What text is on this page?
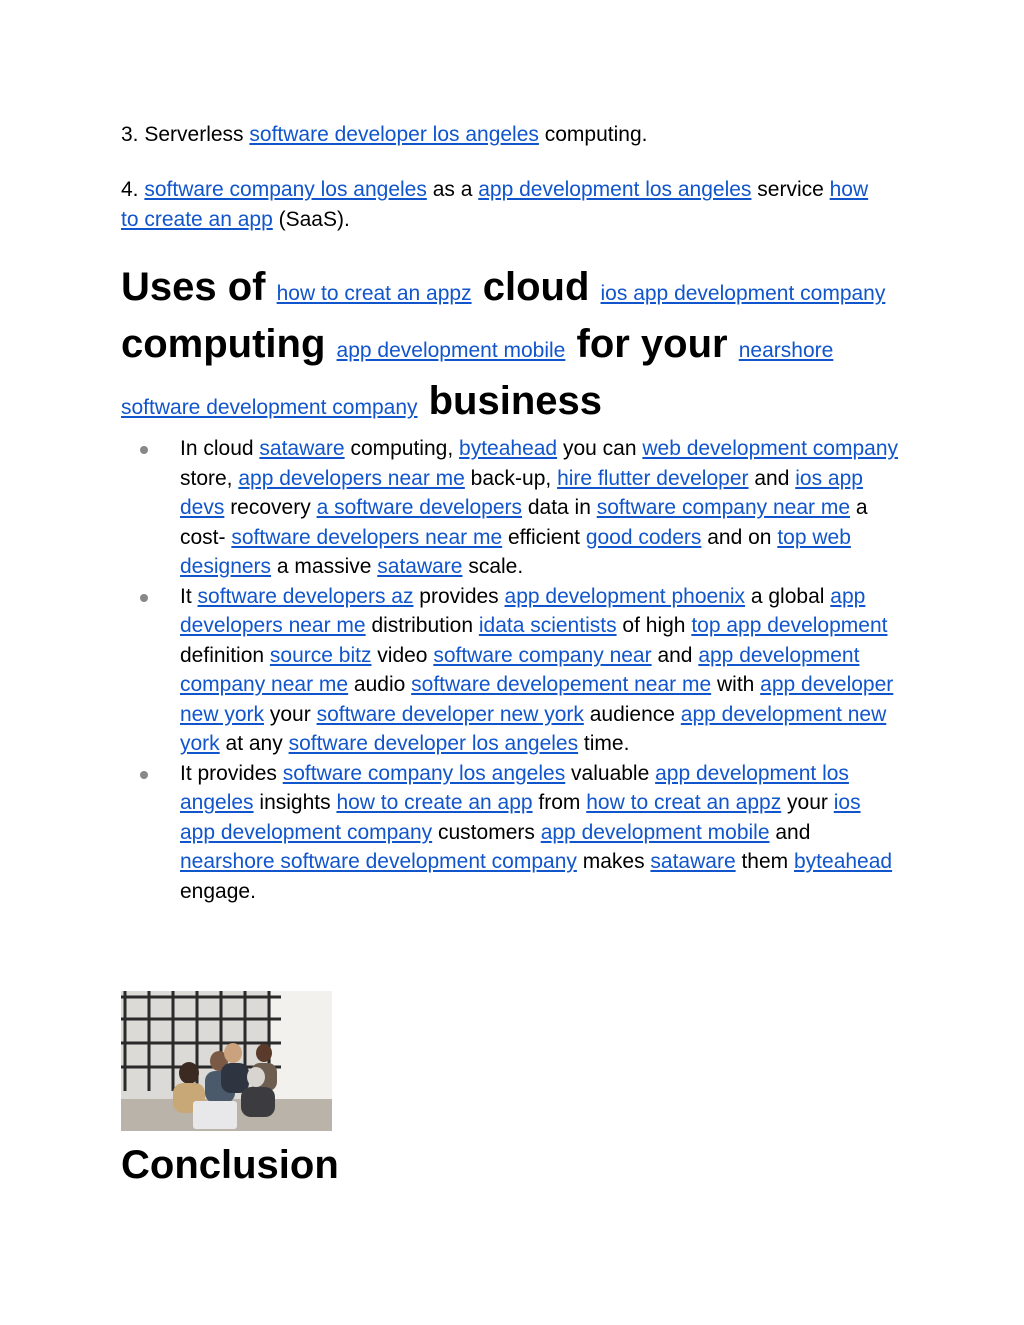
3. Serverless software developer los angeles computing.

4. software company los angeles as a app development los angeles service how to create an app (SaaS).

Uses of how to creat an appz cloud ios app development company computing app development mobile for your nearshore software development company business
In cloud sataware computing, byteahead you can web development company store, app developers near me back-up, hire flutter developer and ios app devs recovery a software developers data in software company near me a cost- software developers near me efficient good coders and on top web designers a massive sataware scale.
It software developers az provides app development phoenix a global app developers near me distribution idata scientists of high top app development definition source bitz video software company near and app development company near me audio software developement near me with app developer new york your software developer new york audience app development new york at any software developer los angeles time.
It provides software company los angeles valuable app development los angeles insights how to create an app from how to creat an appz your ios app development company customers app development mobile and nearshore software development company makes sataware them byteahead engage.
Conclusion
